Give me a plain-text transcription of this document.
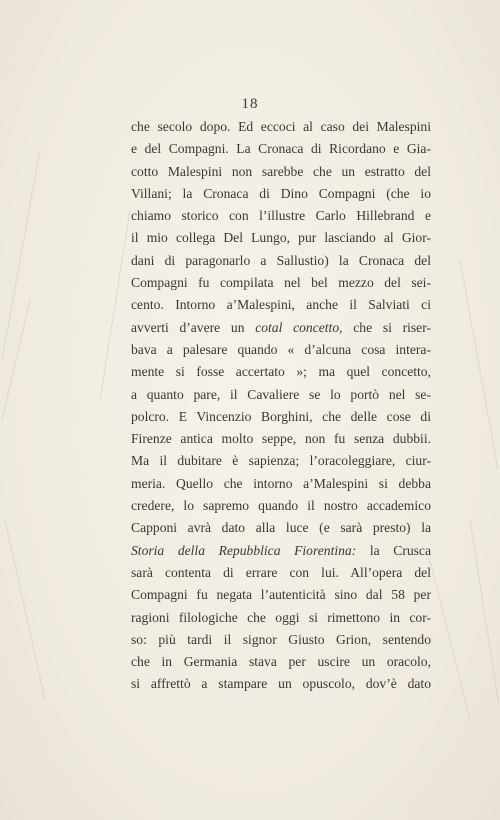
18
che secolo dopo. Ed eccoci al caso dei Malespini
e del Compagni. La Cronaca di Ricordano e Gia-
cotto Malespini non sarebbe che un estratto del
Villani; la Cronaca di Dino Compagni (che io
chiamo storico con l’illustre Carlo Hillebrand e
il mio collega Del Lungo, pur lasciando al Gior-
dani di paragonarlo a Sallustio) la Cronaca del
Compagni fu compilata nel bel mezzo del sei-
cento. Intorno a’Malespini, anche il Salviati ci
avverti d’avere un cotal concetto, che si riser-
bava a palesare quando « d’alcuna cosa intera-
mente si fosse accertato »; ma quel concetto,
a quanto pare, il Cavaliere se lo portò nel se-
polcro. E Vincenzio Borghini, che delle cose di
Firenze antica molto seppe, non fu senza dubbii.
Ma il dubitare è sapienza; l’oracoleggiare, ciur-
meria. Quello che intorno a’Malespini si debba
credere, lo sapremo quando il nostro accademico
Capponi avrà dato alla luce (e sarà presto) la
Storia della Repubblica Fiorentina: la Crusca
sarà contenta di errare con lui. All’opera del
Compagni fu negata l’autenticità sino dal 58 per
ragioni filologiche che oggi si rimettono in cor-
so: più tardi il signor Giusto Grion, sentendo
che in Germania stava per uscire un oracolo,
si affrettò a stampare un opuscolo, dov’è dato
